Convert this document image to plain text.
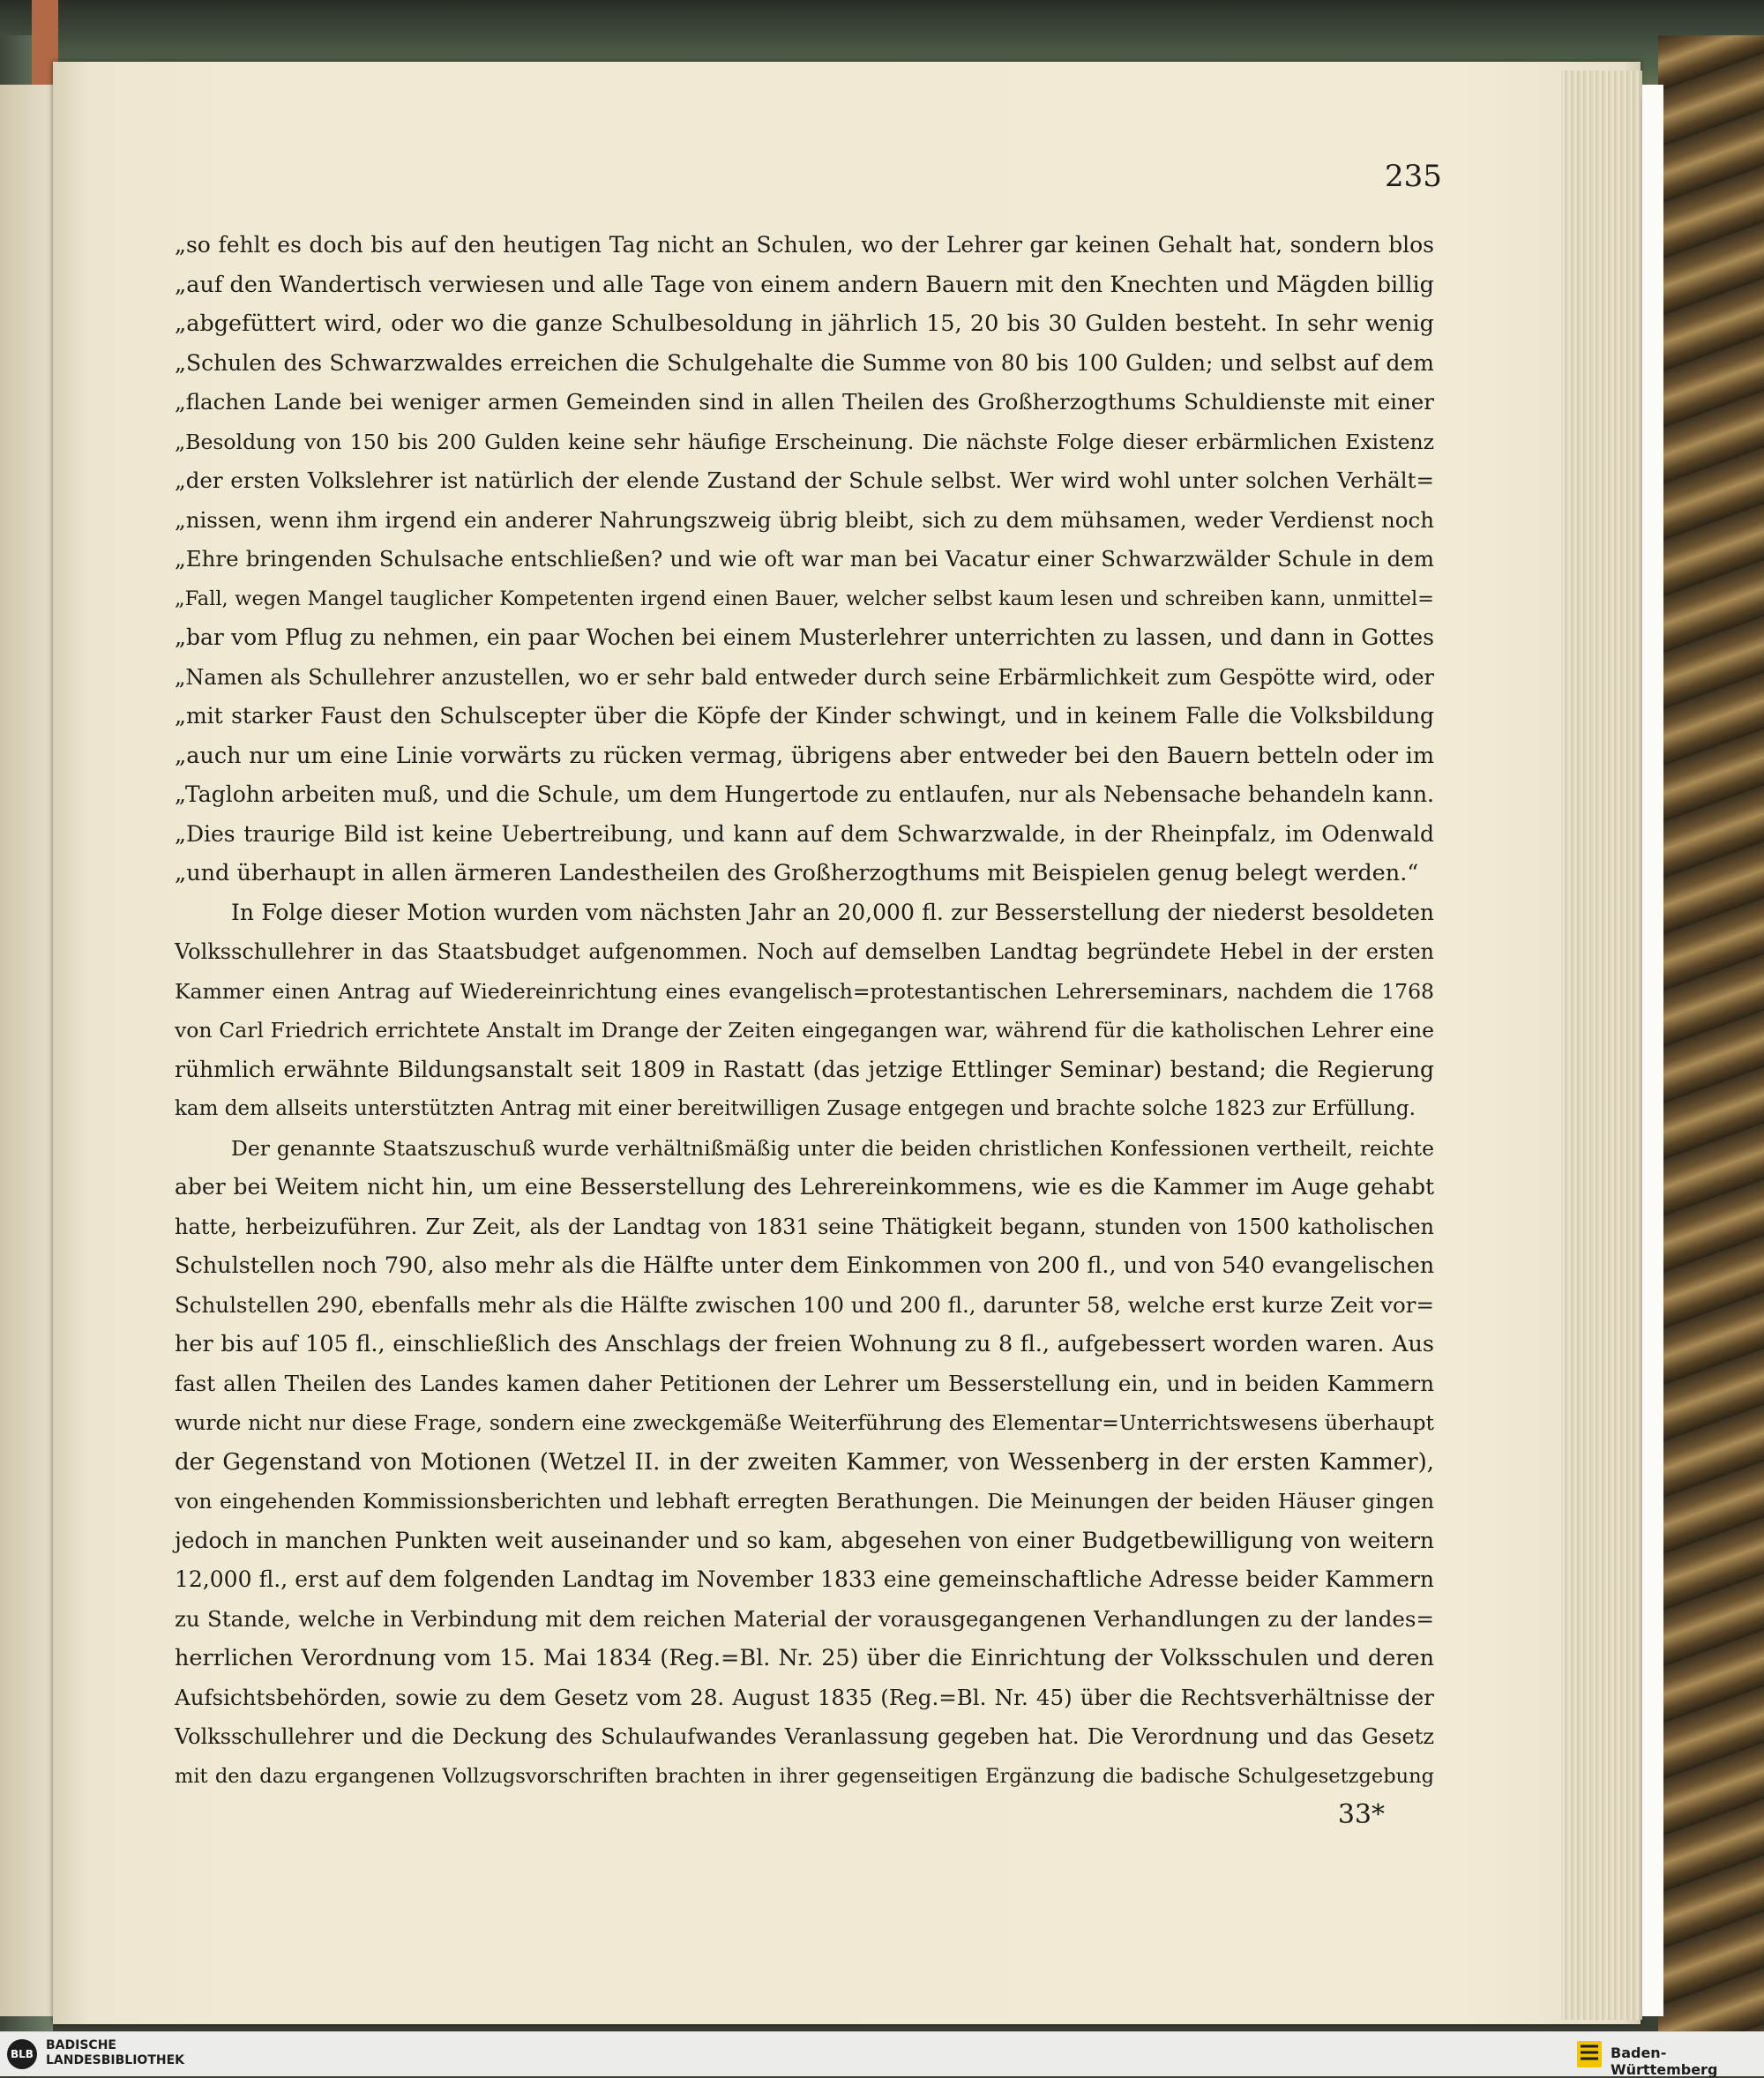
235
„so fehlt es doch bis auf den heutigen Tag nicht an Schulen, wo der Lehrer gar keinen Gehalt hat, sondern blos
„auf den Wandertisch verwiesen und alle Tage von einem andern Bauern mit den Knechten und Mägden billig
„abgefüttert wird, oder wo die ganze Schulbesoldung in jährlich 15, 20 bis 30 Gulden besteht. In sehr wenig
„Schulen des Schwarzwaldes erreichen die Schulgehalte die Summe von 80 bis 100 Gulden; und selbst auf dem
„flachen Lande bei weniger armen Gemeinden sind in allen Theilen des Großherzogthums Schuldienste mit einer
„Besoldung von 150 bis 200 Gulden keine sehr häufige Erscheinung. Die nächste Folge dieser erbärmlichen Existenz
„der ersten Volkslehrer ist natürlich der elende Zustand der Schule selbst. Wer wird wohl unter solchen Verhält=
„nissen, wenn ihm irgend ein anderer Nahrungszweig übrig bleibt, sich zu dem mühsamen, weder Verdienst noch
„Ehre bringenden Schulsache entschließen? und wie oft war man bei Vacatur einer Schwarzwälder Schule in dem
„Fall, wegen Mangel tauglicher Kompetenten irgend einen Bauer, welcher selbst kaum lesen und schreiben kann, unmittel=
„bar vom Pflug zu nehmen, ein paar Wochen bei einem Musterlehrer unterrichten zu lassen, und dann in Gottes
„Namen als Schullehrer anzustellen, wo er sehr bald entweder durch seine Erbärmlichkeit zum Gespötte wird, oder
„mit starker Faust den Schulscepter über die Köpfe der Kinder schwingt, und in keinem Falle die Volksbildung
„auch nur um eine Linie vorwärts zu rücken vermag, übrigens aber entweder bei den Bauern betteln oder im
„Taglohn arbeiten muß, und die Schule, um dem Hungertode zu entlaufen, nur als Nebensache behandeln kann.
„Dies traurige Bild ist keine Uebertreibung, und kann auf dem Schwarzwalde, in der Rheinpfalz, im Odenwald
„und überhaupt in allen ärmeren Landestheilen des Großherzogthums mit Beispielen genug belegt werden.“
In Folge dieser Motion wurden vom nächsten Jahr an 20,000 fl. zur Besserstellung der niederst besoldeten
Volksschullehrer in das Staatsbudget aufgenommen. Noch auf demselben Landtag begründete Hebel in der ersten
Kammer einen Antrag auf Wiedereinrichtung eines evangelisch=protestantischen Lehrerseminars, nachdem die 1768
von Carl Friedrich errichtete Anstalt im Drange der Zeiten eingegangen war, während für die katholischen Lehrer eine
rühmlich erwähnte Bildungsanstalt seit 1809 in Rastatt (das jetzige Ettlinger Seminar) bestand; die Regierung
kam dem allseits unterstützten Antrag mit einer bereitwilligen Zusage entgegen und brachte solche 1823 zur Erfüllung.
Der genannte Staatszuschuß wurde verhältnißmäßig unter die beiden christlichen Konfessionen vertheilt, reichte
aber bei Weitem nicht hin, um eine Besserstellung des Lehrereinkommens, wie es die Kammer im Auge gehabt
hatte, herbeizuführen. Zur Zeit, als der Landtag von 1831 seine Thätigkeit begann, stunden von 1500 katholischen
Schulstellen noch 790, also mehr als die Hälfte unter dem Einkommen von 200 fl., und von 540 evangelischen
Schulstellen 290, ebenfalls mehr als die Hälfte zwischen 100 und 200 fl., darunter 58, welche erst kurze Zeit vor=
her bis auf 105 fl., einschließlich des Anschlags der freien Wohnung zu 8 fl., aufgebessert worden waren. Aus
fast allen Theilen des Landes kamen daher Petitionen der Lehrer um Besserstellung ein, und in beiden Kammern
wurde nicht nur diese Frage, sondern eine zweckgemäße Weiterführung des Elementar=Unterrichtswesens überhaupt
der Gegenstand von Motionen (Wetzel II. in der zweiten Kammer, von Wessenberg in der ersten Kammer),
von eingehenden Kommissionsberichten und lebhaft erregten Berathungen. Die Meinungen der beiden Häuser gingen
jedoch in manchen Punkten weit auseinander und so kam, abgesehen von einer Budgetbewilligung von weitern
12,000 fl., erst auf dem folgenden Landtag im November 1833 eine gemeinschaftliche Adresse beider Kammern
zu Stande, welche in Verbindung mit dem reichen Material der vorausgegangenen Verhandlungen zu der landes=
herrlichen Verordnung vom 15. Mai 1834 (Reg.=Bl. Nr. 25) über die Einrichtung der Volksschulen und deren
Aufsichtsbehörden, sowie zu dem Gesetz vom 28. August 1835 (Reg.=Bl. Nr. 45) über die Rechtsverhältnisse der
Volksschullehrer und die Deckung des Schulaufwandes Veranlassung gegeben hat. Die Verordnung und das Gesetz
mit den dazu ergangenen Vollzugsvorschriften brachten in ihrer gegenseitigen Ergänzung die badische Schulgesetzgebung
33*
BLB
BADISCHE
LANDESBIBLIOTHEK	Baden-Württemberg
